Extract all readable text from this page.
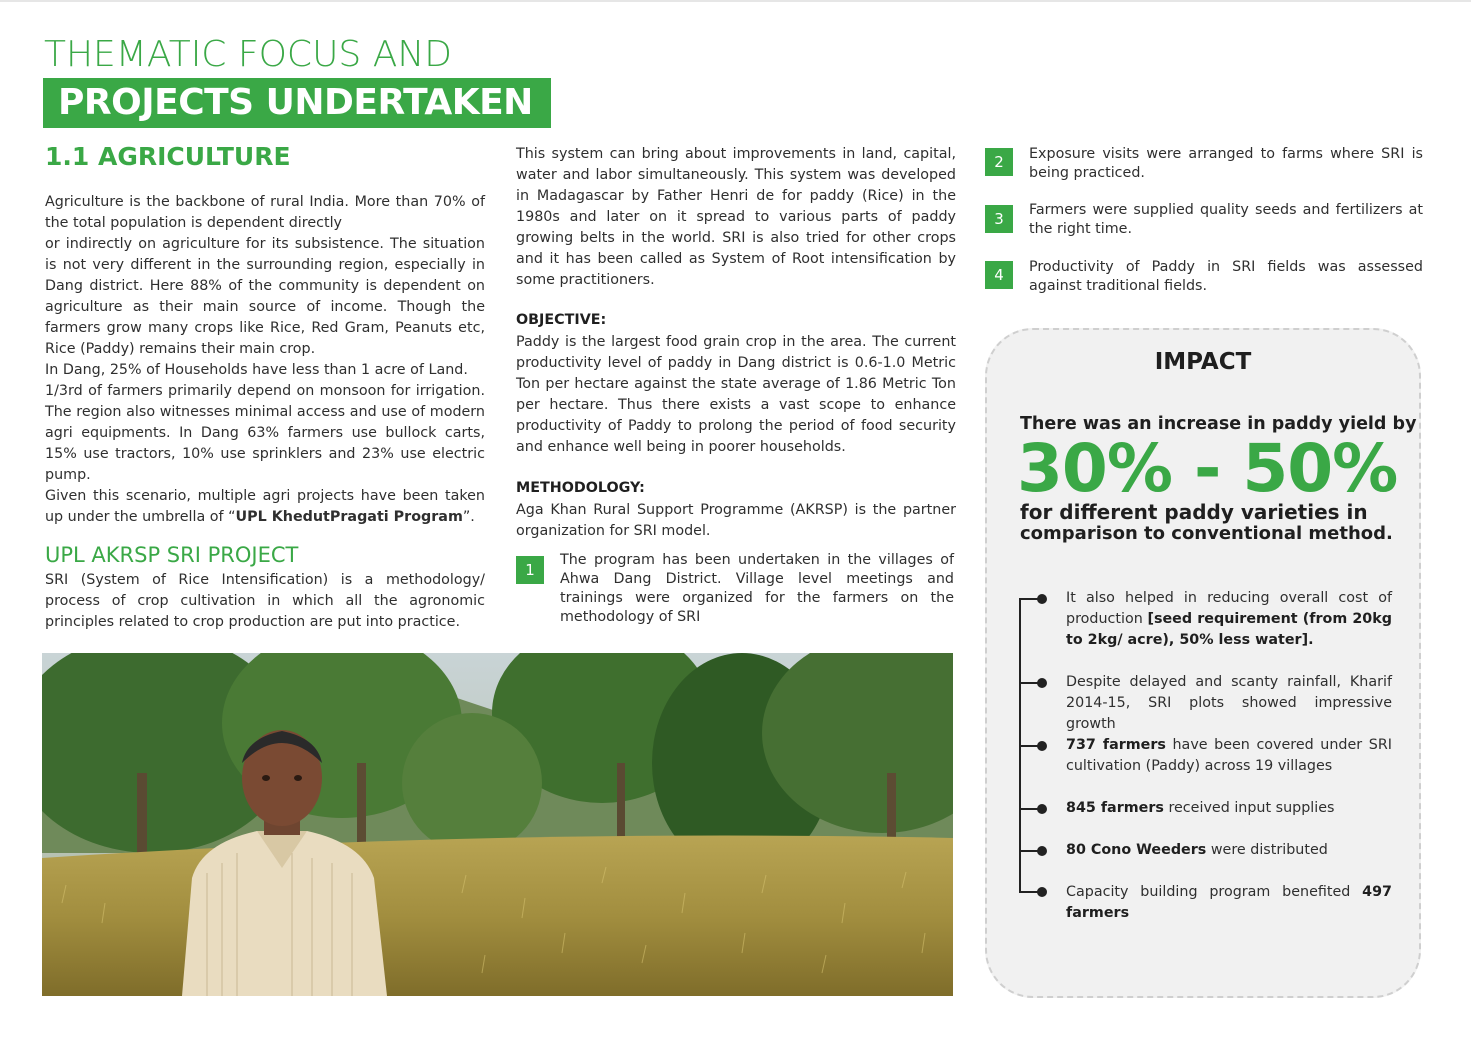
THEMATIC FOCUS AND
PROJECTS UNDERTAKEN
1.1 AGRICULTURE

Agriculture is the backbone of rural India. More than 70% of the total population is dependent directly

or indirectly on agriculture for its subsistence. The situation is not very different in the surrounding region, especially in Dang district. Here 88% of the community is dependent on agriculture as their main source of income. Though the farmers grow many crops like Rice, Red Gram, Peanuts etc, Rice (Paddy) remains their main crop.

In Dang, 25% of Households have less than 1 acre of Land.

1/3rd of farmers primarily depend on monsoon for irrigation. The region also witnesses minimal access and use of modern agri equipments. In Dang 63% farmers use bullock carts, 15% use tractors, 10% use sprinklers and 23% use electric pump.

Given this scenario, multiple agri projects have been taken up under the umbrella of “UPL KhedutPragati Program”.

UPL AKRSP SRI PROJECT
SRI (System of Rice Intensification) is a methodology/ process of crop cultivation in which all the agronomic principles related to crop production are put into practice.
This system can bring about improvements in land, capital, water and labor simultaneously. This system was developed in Madagascar by Father Henri de for paddy (Rice) in the 1980s and later on it spread to various parts of paddy growing belts in the world. SRI is also tried for other crops and it has been called as System of Root intensification by some practitioners.
OBJECTIVE:
Paddy is the largest food grain crop in the area. The current productivity level of paddy in Dang district is 0.6-1.0 Metric Ton per hectare against the state average of 1.86 Metric Ton per hectare. Thus there exists a vast scope to enhance productivity of Paddy to prolong the period of food security and enhance well being in poorer households.
METHODOLOGY:
Aga Khan Rural Support Programme (AKRSP) is the partner organization for SRI model.
1
The program has been undertaken in the villages of Ahwa Dang District. Village level meetings and trainings were organized for the farmers on the methodology of SRI
2	Exposure visits were arranged to farms where SRI is being practiced.
3	Farmers were supplied quality seeds and fertilizers at the right time.
4	Productivity of Paddy in SRI fields was assessed against traditional fields.
IMPACT
There was an increase in paddy yield by
30% - 50%
for different paddy varieties in
comparison to conventional method.
It also helped in reducing overall cost of production [seed requirement (from 20kg to 2kg/ acre), 50% less water].
Despite delayed and scanty rainfall, Kharif 2014-15, SRI plots showed impressive growth
737 farmers have been covered under SRI cultivation (Paddy) across 19 villages
845 farmers received input supplies
80 Cono Weeders were distributed
Capacity building program benefited 497 farmers
